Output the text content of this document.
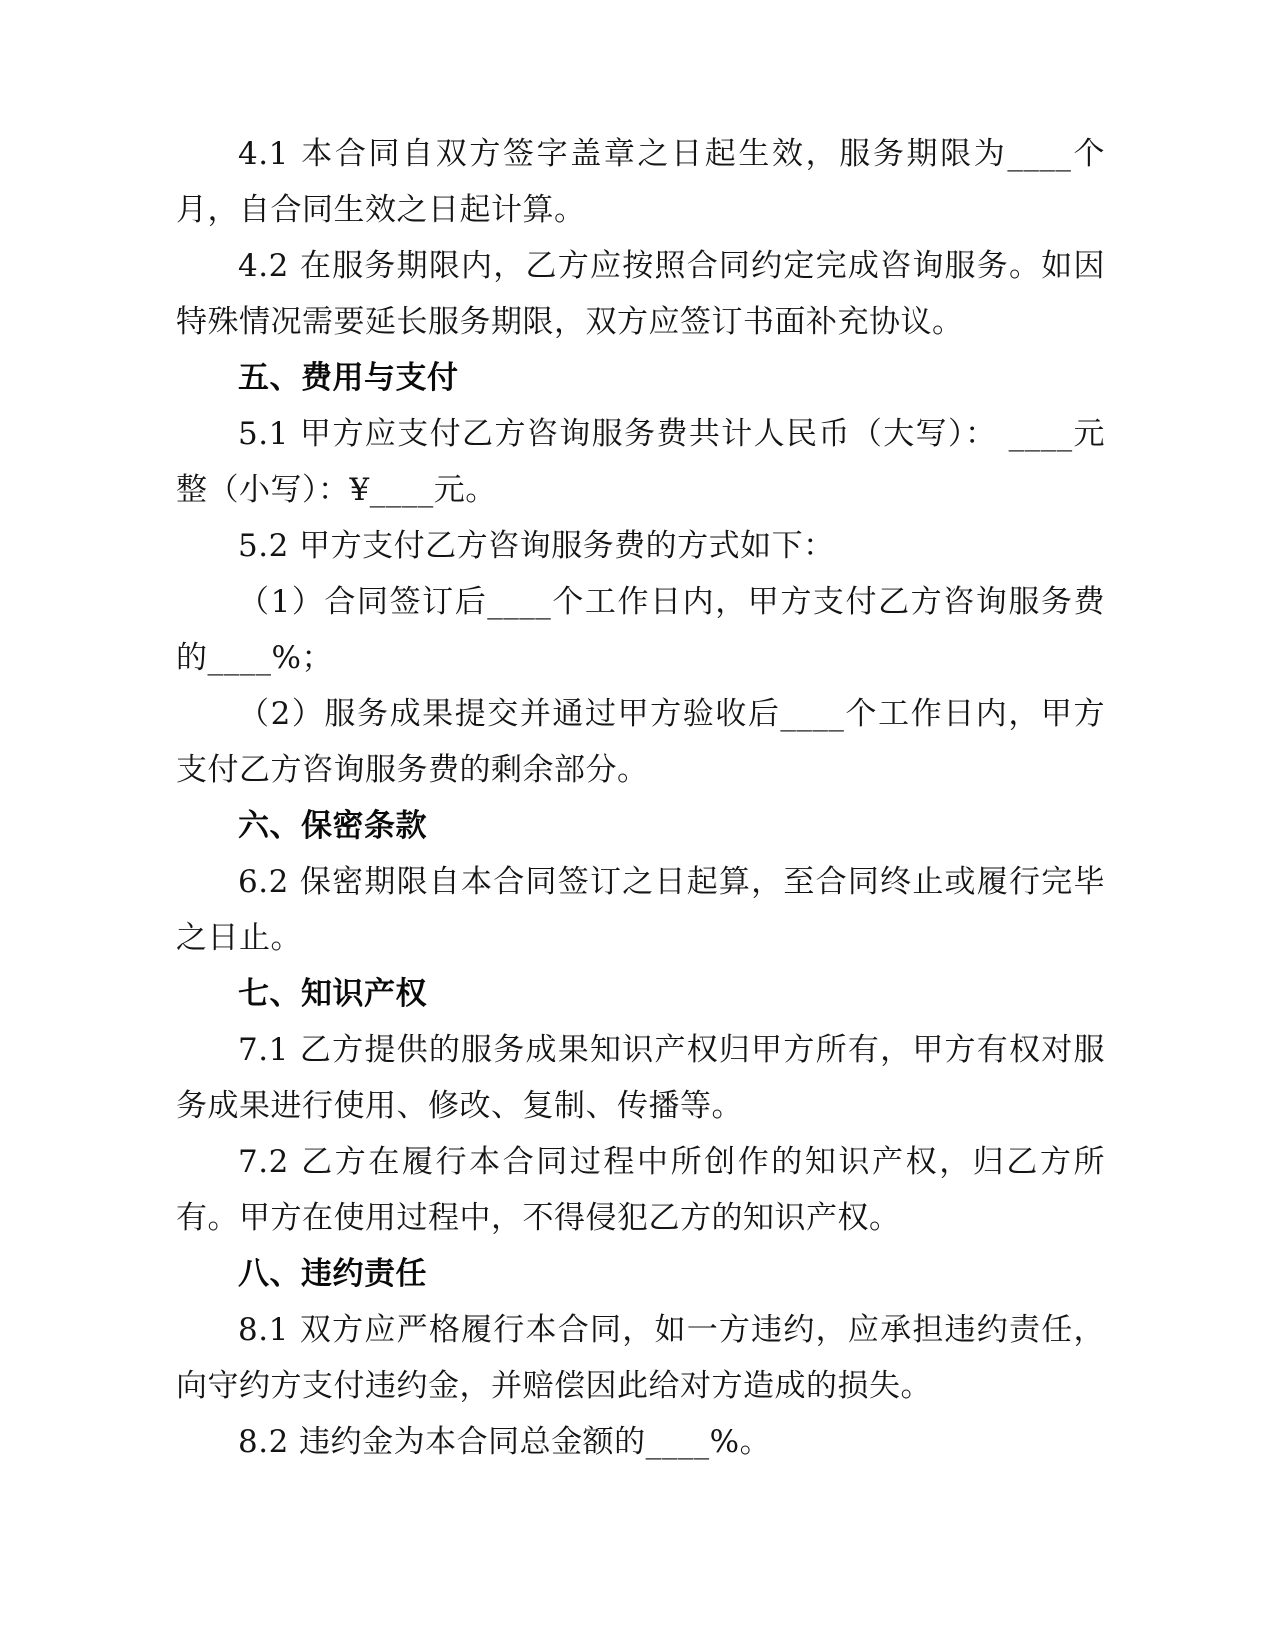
4.1 本合同自双方签字盖章之日起生效，服务期限为____个月，自合同生效之日起计算。

4.2 在服务期限内，乙方应按照合同约定完成咨询服务。如因特殊情况需要延长服务期限，双方应签订书面补充协议。

五、费用与支付

5.1 甲方应支付乙方咨询服务费共计人民币（大写）： ____元整（小写）：¥____元。

5.2 甲方支付乙方咨询服务费的方式如下：

（1）合同签订后____个工作日内，甲方支付乙方咨询服务费的____%；

（2）服务成果提交并通过甲方验收后____个工作日内，甲方支付乙方咨询服务费的剩余部分。

六、保密条款

6.2 保密期限自本合同签订之日起算，至合同终止或履行完毕之日止。

七、知识产权

7.1 乙方提供的服务成果知识产权归甲方所有，甲方有权对服务成果进行使用、修改、复制、传播等。

7.2 乙方在履行本合同过程中所创作的知识产权，归乙方所有。甲方在使用过程中，不得侵犯乙方的知识产权。

八、违约责任

8.1 双方应严格履行本合同，如一方违约，应承担违约责任，向守约方支付违约金，并赔偿因此给对方造成的损失。

8.2 违约金为本合同总金额的____%。
